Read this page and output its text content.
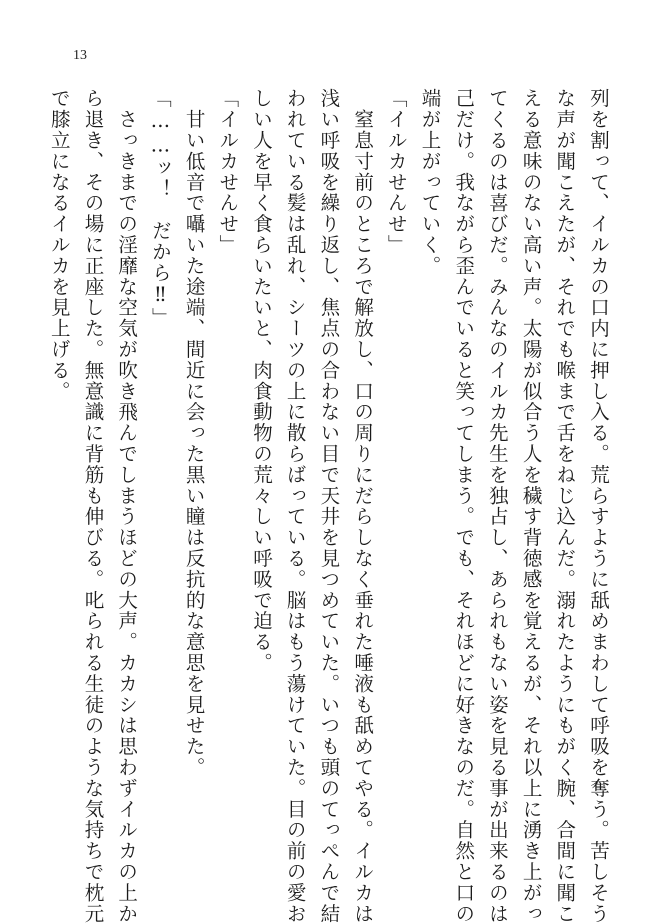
13
列を割って、イルカの口内に押し入る。荒らすように舐めまわして呼吸を奪う。苦しそう
な声が聞こえたが、それでも喉まで舌をねじ込んだ。溺れたようにもがく腕、合間に聞こ
える意味のない高い声。太陽が似合う人を穢す背徳感を覚えるが、それ以上に湧き上がっ
てくるのは喜びだ。みんなのイルカ先生を独占し、あられもない姿を見る事が出来るのは
己だけ。我ながら歪んでいると笑ってしまう。でも、それほどに好きなのだ。自然と口の
端が上がっていく。
「イルカせんせ」
　窒息寸前のところで解放し、口の周りにだらしなく垂れた唾液も舐めてやる。イルカは
浅い呼吸を繰り返し、焦点の合わない目で天井を見つめていた。いつも頭のてっぺんで結
われている髪は乱れ、シーツの上に散らばっている。脳はもう蕩けていた。目の前の愛お
しい人を早く食らいたいと、肉食動物の荒々しい呼吸で迫る。
「イルカせんせ」
　甘い低音で囁いた途端、間近に会った黒い瞳は反抗的な意思を見せた。
「……ッ！　だから‼」
　さっきまでの淫靡な空気が吹き飛んでしまうほどの大声。カカシは思わずイルカの上か
ら退き、その場に正座した。無意識に背筋も伸びる。叱られる生徒のような気持ちで枕元
で膝立になるイルカを見上げる。
